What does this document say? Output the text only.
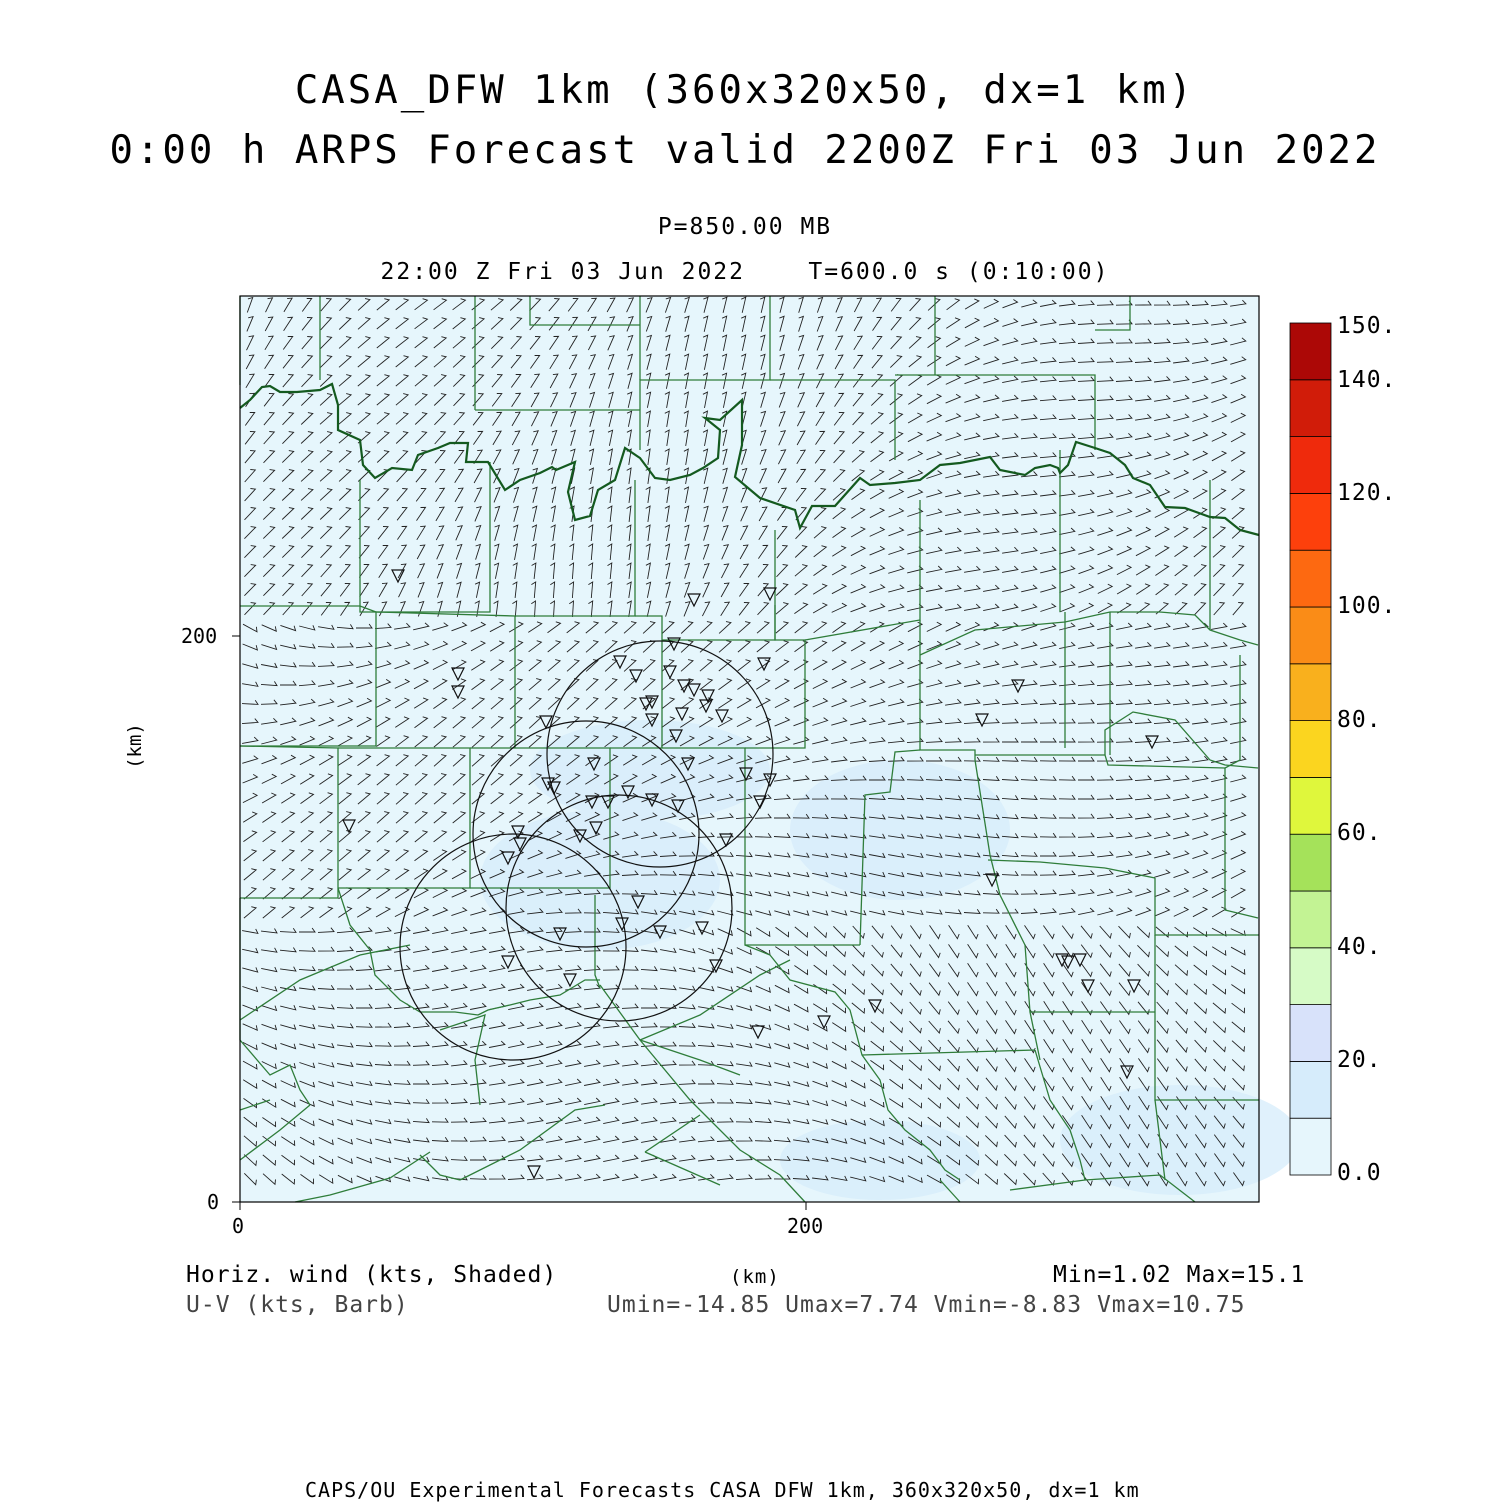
CASA_DFW 1km (360x320x50, dx=1 km)
0:00 h ARPS Forecast valid 2200Z Fri 03 Jun 2022
P=850.00 MB
22:00 Z Fri 03 Jun 2022    T=600.0 s (0:10:00)
0	200
0
200
(km)
0.0
20.
40.
60.
80.
100.
120.
140.
150.
Horiz. wind (kts, Shaded)
U-V (kts, Barb)
(km)	Min=1.02 Max=15.1
Umin=-14.85 Umax=7.74 Vmin=-8.83 Vmax=10.75
CAPS/OU Experimental Forecasts CASA DFW 1km, 360x320x50, dx=1 km
